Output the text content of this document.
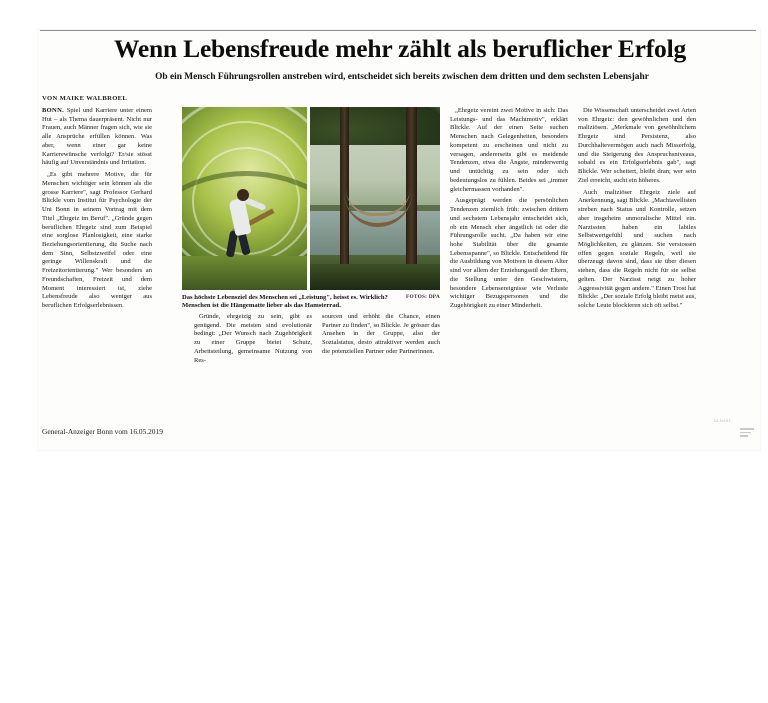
Wenn Lebensfreude mehr zählt als beruflicher Erfolg
Ob ein Mensch Führungsrollen anstreben wird, entscheidet sich bereits zwischen dem dritten und dem sechsten Lebensjahr
VON MAIKE WALBROEL

BONN. Spiel und Karriere unter einem Hut – als Thema dauerpräsent. Nicht nur Frauen, auch Männer fragen sich, wie sie alle Ansprüche erfüllen können. Was aber, wenn einer gar keine Karrierewünsche verfolgt? Er/sie stösst häufig auf Unverständnis und Irritation.

„Es gibt mehrere Motive, die für Menschen wichtiger sein können als die grosse Karriere", sagt Professor Gerhard Blickle vom Institut für Psychologie der Uni Bonn in seinem Vortrag mit dem Titel „Ehrgeiz im Beruf". „Gründe gegen beruflichen Ehrgeiz sind zum Beispiel eine sorglose Planlosigkeit, eine starke Beziehungsorientierung, die Suche nach dem Sinn, Selbstzweifel oder eine geringe Willenskraft und die Freizeitorientierung." Wer besonders an Freundschaften, Freizeit und dem Moment interessiert ist, ziehe Lebensfreude also weniger aus beruflichen Erfolgserlebnissen.

FOTOS: DPA
Das höchste Lebensziel des Menschen sei „Leistung", heisst es. Wirklich? Menschen ist die Hängematte lieber als das Hamsterrad.

Gründe, ehrgeizig zu sein, gibt es genügend. Die meisten sind evolutionär bedingt: „Der Wunsch nach Zugehörigkeit zu einer Gruppe bietet Schutz, Arbeitsteilung, gemeinsame Nutzung von Res-

sourcen und erhöht die Chance, einen Partner zu finden", so Blickle. Je grösser das Ansehen in der Gruppe, also der Sozialstatus, desto attraktiver werden auch die potenziellen Partner oder Partnerinnen.

„Ehrgeiz vereint zwei Motive in sich: Das Leistungs- und das Machtmotiv", erklärt Blickle. Auf der einen Seite suchen Menschen nach Gelegenheiten, besonders kompetent zu erscheinen und nicht zu versagen, andererseits gibt es meidende Tendenzen, etwa die Ängste, minderwertig und untüchtig zu sein oder sich bedeutungslos zu fühlen. Beides sei „immer gleichermassen vorhanden".

Ausgeprägt werden die persönlichen Tendenzen ziemlich früh: zwischen drittem und sechstem Lebensjahr entscheidet sich, ob ein Mensch eher ängstlich ist oder die Führungsrolle sucht. „Da haben wir eine hohe Stabilität über die gesamte Lebensspanne", so Blickle. Entscheidend für die Ausbildung von Motiven in diesem Alter sind vor allem der Erziehungsstil der Eltern, die Stellung unter den Geschwistern, besondere Lebensereignisse wie Verluste wichtiger Bezugspersonen und die Zugehörigkeit zu einer Minderheit.

Die Wissenschaft unterscheidet zwei Arten von Ehrgeiz: den gewöhnlichen und den maliziösen. „Merkmale von gewöhnlichem Ehrgeiz sind Persistenz, also Durchhaltevermögen auch nach Misserfolg, und die Steigerung des Anspruchsniveaus, sobald es ein Erfolgserlebnis gab", sagt Blickle. Wer scheitert, bleibt dran; wer sein Ziel erreicht, sucht ein höheres.

Auch maliziöser Ehrgeiz ziele auf Anerkennung, sagt Blickle. „Machiavellisten streben nach Status und Kontrolle, setzen aber insgeheim unmoralische Mittel ein. Narzissten haben ein labiles Selbstwertgefühl und suchen nach Möglichkeiten, zu glänzen. Sie verstossen offen gegen soziale Regeln, weil sie überzeugt davon sind, dass sie über diesen stehen, dass die Regeln nicht für sie selbst gelten. Der Narzisst neigt zu hoher Aggressivität gegen andere." Einen Trost hat Blickle: „Der soziale Erfolg bleibt meist aus, solche Leute blockieren sich oft selbst."

General-Anzeiger Bonn vom 16.05.2019
DLN451
